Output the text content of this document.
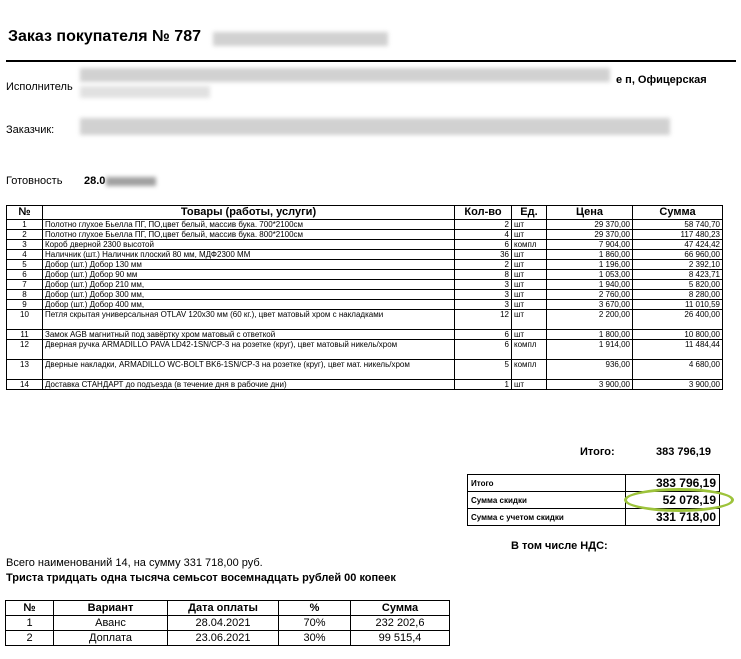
Заказ покупателя № 787
Исполнитель
е п, Офицерская
Заказчик:
Готовность 28.0
№	Товары (работы, услуги)	Кол-во	Ед.	Цена	Сумма
1	Полотно глухое Бьелла ПГ, ПО,цвет белый, массив бука. 700*2100см	2	шт	29 370,00	58 740,70
2	Полотно глухое Бьелла ПГ, ПО,цвет белый, массив бука. 800*2100см	4	шт	29 370,00	117 480,23
3	Короб дверной 2300 высотой	6	компл	7 904,00	47 424,42
4	Наличник (шт.) Наличник плоский 80 мм, МДФ2300 ММ	36	шт	1 860,00	66 960,00
5	Добор (шт.) Добор 130 мм	2	шт	1 196,00	2 392,10
6	Добор (шт.) Добор 90 мм	8	шт	1 053,00	8 423,71
7	Добор (шт.) Добор 210 мм,	3	шт	1 940,00	5 820,00
8	Добор (шт.) Добор 300 мм,	3	шт	2 760,00	8 280,00
9	Добор (шт.) Добор 400 мм,	3	шт	3 670,00	11 010,59
10	Петля скрытая универсальная OTLAV 120x30 мм (60 кг.), цвет матовый хром с накладками	12	шт	2 200,00	26 400,00
11	Замок AGB магнитный под завёртку хром матовый с ответкой	6	шт	1 800,00	10 800,00
12	Дверная ручка ARMADILLO PAVA LD42-1SN/CP-3 на розетке (круг), цвет матовый никель/хром	6	компл	1 914,00	11 484,44
13	Дверные накладки, ARMADILLO WC-BOLT BK6-1SN/CP-3 на розетке (круг), цвет мат. никель/хром	5	компл	936,00	4 680,00
14	Доставка СТАНДАРТ до подъезда (в течение дня в рабочие дни)	1	шт	3 900,00	3 900,00
Итого:	383 796,19
Итого	383 796,19
Сумма скидки	52 078,19
Сумма с учетом скидки	331 718,00
В том числе НДС:
Всего наименований 14, на сумму 331 718,00 руб.
Триста тридцать одна тысяча семьсот восемнадцать рублей 00 копеек
№	Вариант	Дата оплаты	%	Сумма
1	Аванс	28.04.2021	70%	232 202,6
2	Доплата	23.06.2021	30%	99 515,4
